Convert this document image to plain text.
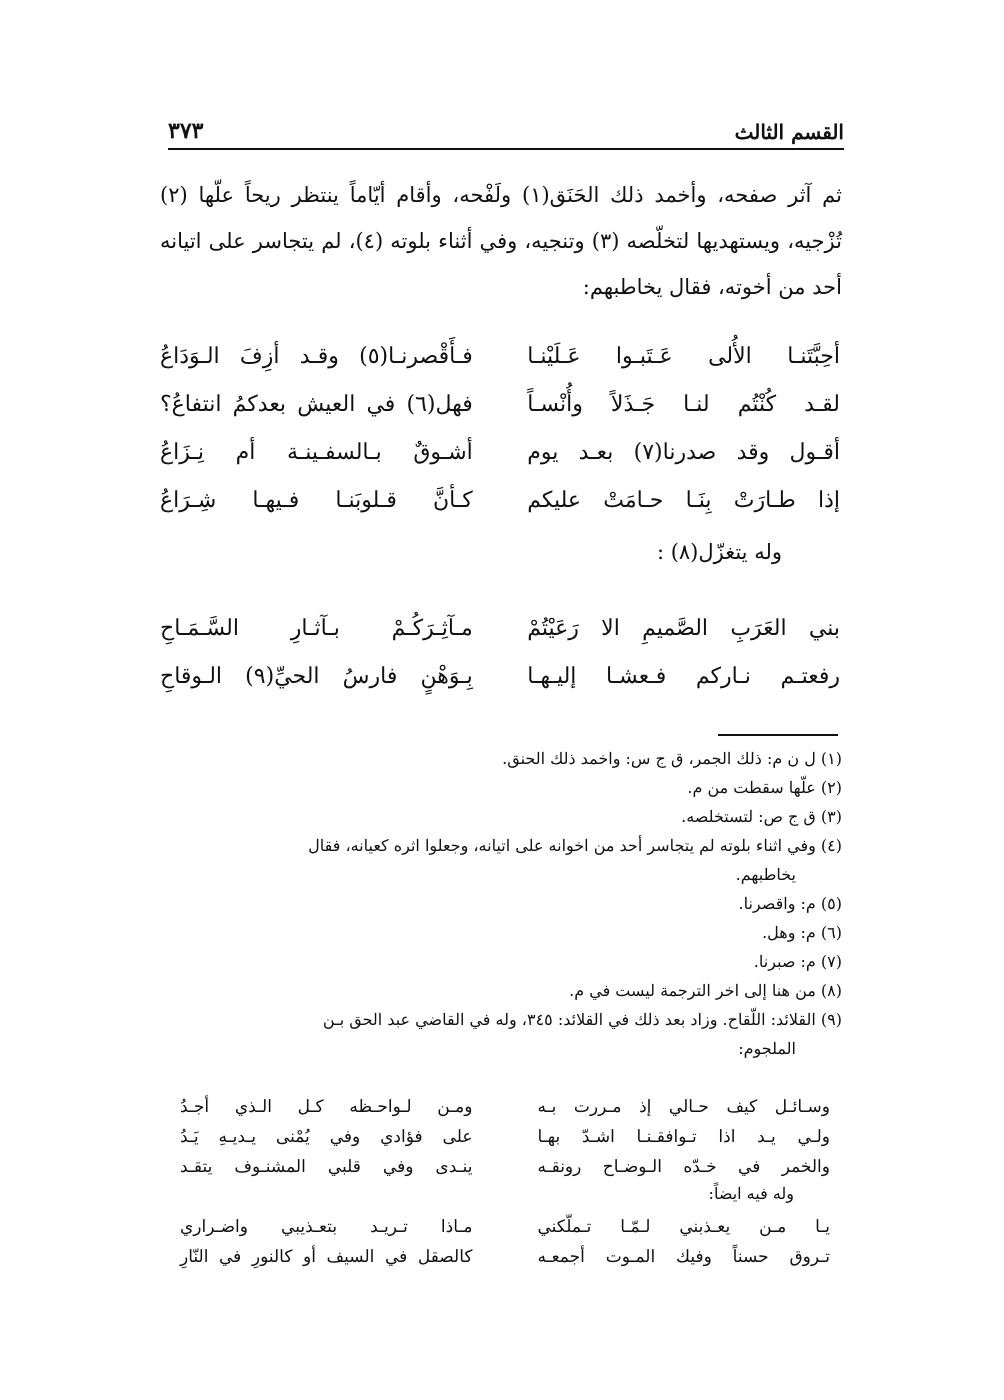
القسم الثالث
٣٧٣
ثم آثر صفحه، وأخمد ذلك الحَنَق(١) ولَفْحه، وأقام أيّاماً ينتظر ريحاً علّها (٢) تُزْجيه، ويستهديها لتخلّصه (٣) وتنجيه، وفي أثناء بلوته (٤)، لم يتجاسر على اتيانه أحد من أخوته، فقال يخاطبهم:
أحِبَّتَنـا الأُلى عَـتَبـوا عَـلَيْنـا
فـأَقْصرنـا(٥) وقـد أزِفَ الـوَدَاعُ
لقـد كُنْتُم لنـا جَـذَلاً وأُنْسـاً
فهل(٦) في العيش بعدكمُ انتفاعُ؟
أقـول وقد صدرنا(٧) بعـد يوم
أشـوقٌ بـالسفـينـة أم نِـزَاعُ
إذا طـارَتْ بِنَـا حـامَتْ عليكم
كـأنَّ قـلوبَنـا فـيهـا شِـرَاعُ
وله يتغزّل(٨) :
بني العَرَبِ الصَّميمِ الا رَعَيْتُمْ
مـآثِـرَكُـمْ بـآثـارِ السَّـمَـاحِ
رفعتـم نـاركم فـعشـا إليـهـا
بِـوَهْنٍ فارسُ الحيِّ(٩) الـوقاحِ

(١) ل ن م: ذلك الجمر، ق ج س: واخمد ذلك الحنق.

(٢) علّها سقطت من م.

(٣) ق ج ص: لتستخلصه.

(٤) وفي اثناء بلوته لم يتجاسر أحد من اخوانه على اتيانه، وجعلوا اثره كعيانه، فقال

يخاطبهم.

(٥) م: واقصرنا.

(٦) م: وهل.

(٧) م: صبرنا.

(٨) من هنا إلى اخر الترجمة ليست في م.

(٩) القلائد: اللّقاح. وزاد بعد ذلك في القلائد: ٣٤٥، وله في القاضي عبد الحق بـن

الملجوم:

وسـائـل كيف حـالي إذ مـررت بـه
ومـن لـواحـظه كـل الـذي أجـدُ
ولـي يـد اذا تـوافقـنـا اشـدّ بهـا
على فؤادي وفي يُمْنى يـديـهِ يَـدُ
والخمر في خـدّه الـوضـاح رونقـه
ينـدى وفي قلبي المشنـوف يتقـد
وله فيه ايضاً:
يـا مـن يعـذبني لـمّـا تـملّكني
مـاذا تـريـد بتعـذيبي واضـراري
تـروق حسناً وفيك المـوت أجمعـه
كالصقل في السيف أو كالنورِ في النّارِ
